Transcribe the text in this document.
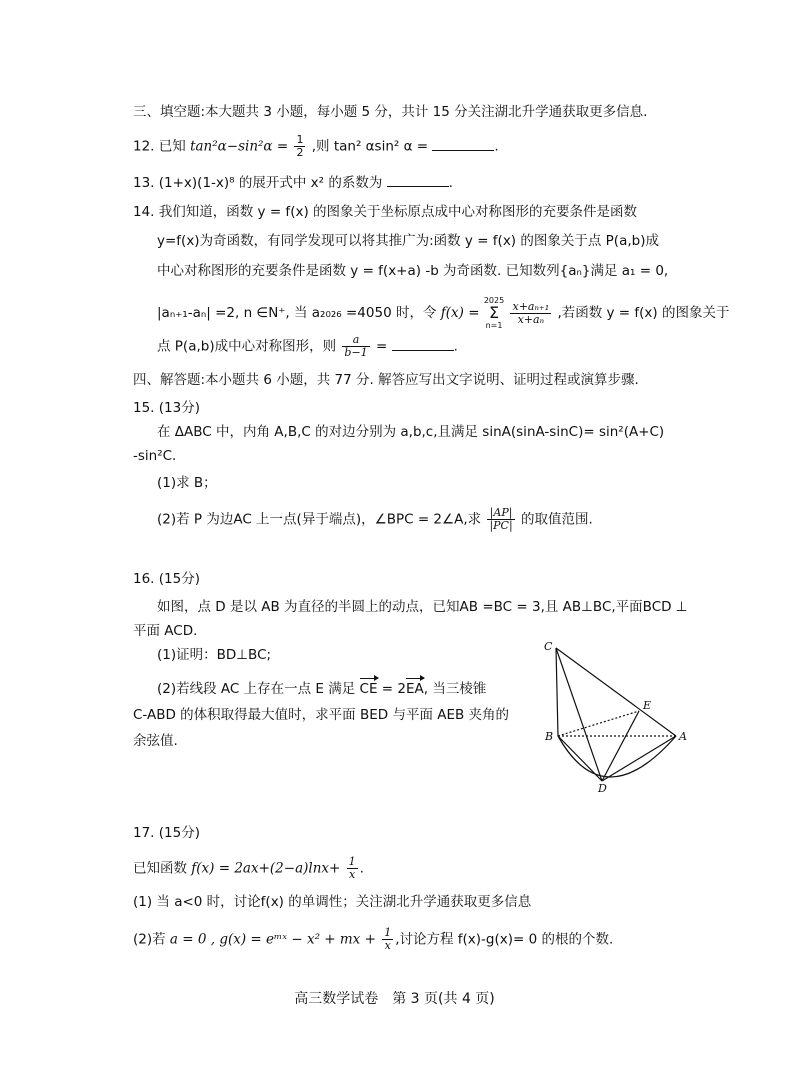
三、填空题:本大题共 3 小题，每小题 5 分，共计 15 分关注湖北升学通获取更多信息.
12. 已知 $\tan^2\alpha-\sin^2\alpha = \frac{1}{2}$ ,则 tan² αsin² α =	.
13. (1+x)(1-x)⁸ 的展开式中 x² 的系数为	.
14. 我们知道，函数 y = f(x) 的图象关于坐标原点成中心对称图形的充要条件是函数
y=f(x)为奇函数，有同学发现可以将其推广为:函数 y = f(x) 的图象关于点 P(a,b)成
中心对称图形的充要条件是函数 y = f(x+a) -b 为奇函数. 已知数列{aₙ}满足 a₁ = 0,
|aₙ₊₁-aₙ| =2, n ∈N⁺, 当 a₂₀₂₆ =4050 时，令 f(x) =
2025
Σ
n=1
$\frac{\text{x+aₙ₊₁}}{\text{x+aₙ}}$ ,若函数 y = f(x) 的图象关于
点 P(a,b)成中心对称图形，则 $\frac{a}{b-1}$ =	.
四、解答题:本小题共 6 小题，共 77 分. 解答应写出文字说明、证明过程或演算步骤.
15. (13分)
在 ΔABC 中，内角 A,B,C 的对边分别为 a,b,c,且满足 sinA(sinA-sinC)= sin²(A+C)
-sin²C.
(1)求 B；
(2)若 P 为边AC 上一点(异于端点)，∠BPC = 2∠A,求 $\frac{|AP|}{|PC|}$ 的取值范围.
16. (15分)
如图，点 D 是以 AB 为直径的半圆上的动点，已知AB =BC = 3,且 AB⊥BC,平面BCD ⊥
平面 ACD.
(1)证明：BD⊥BC;
(2)若线段 AC 上存在一点 E 满足 CE = 2EA, 当三棱锥
C-ABD 的体积取得最大值时，求平面 BED 与平面 AEB 夹角的
余弦值.
C
E
B	A
D
17. (15分)
已知函数 $f(x) = 2ax+(2-a)\ln x+ \frac{1}{x}$ .
(1) 当 a<0 时，讨论f(x) 的单调性；关注湖北升学通获取更多信息
(2)若 a = 0 , g(x) = eᵐˣ − x² + mx + $\frac{1}{x}$ ,讨论方程 f(x)-g(x)= 0 的根的个数.
高三数学试卷　第 3 页(共 4 页)
